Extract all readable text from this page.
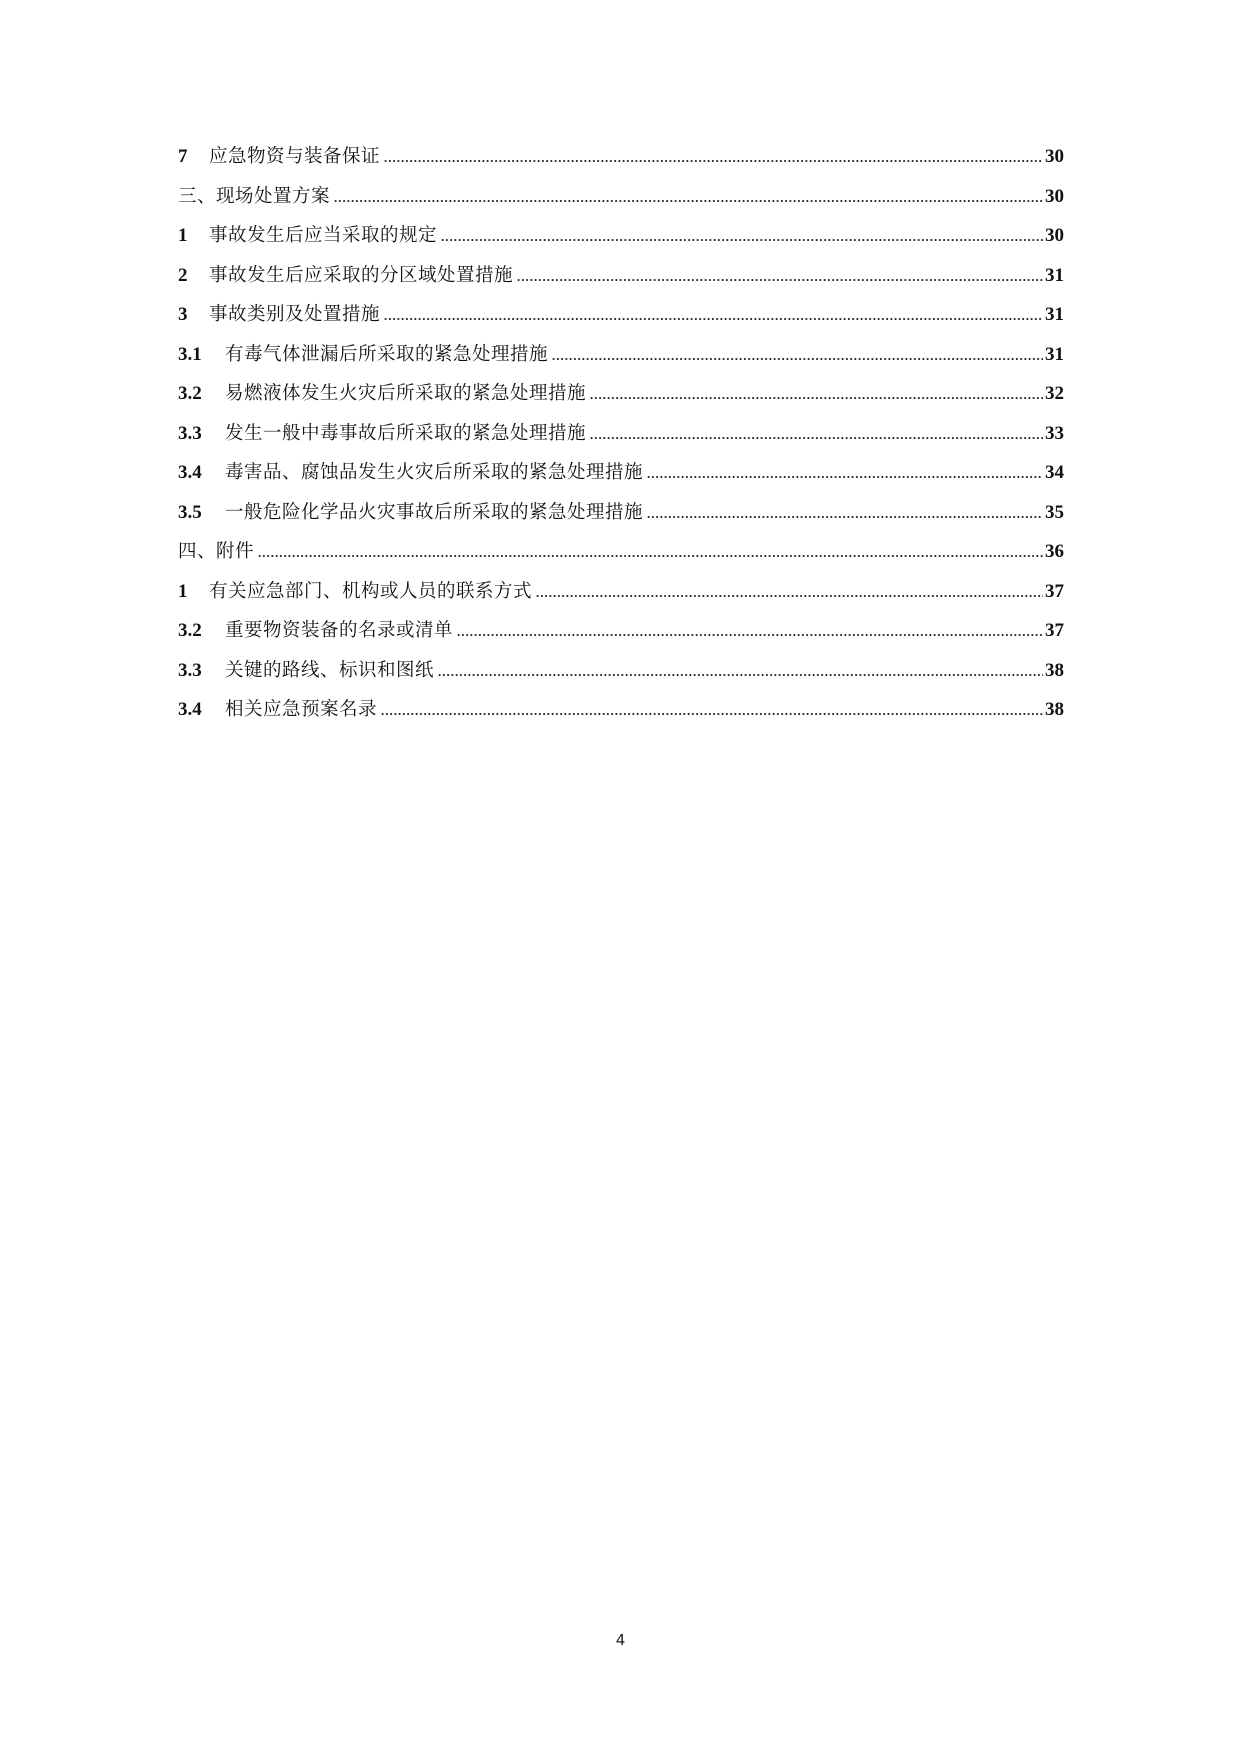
7	应急物资与装备保证 .....	30
三、现场处置方案 .....	30
1	事故发生后应当采取的规定 .....	30
2	事故发生后应采取的分区域处置措施 .....	31
3	事故类别及处置措施 .....	31
3.1	有毒气体泄漏后所采取的紧急处理措施 .....	31
3.2	易燃液体发生火灾后所采取的紧急处理措施 .....	32
3.3	发生一般中毒事故后所采取的紧急处理措施 .....	33
3.4	毒害品、腐蚀品发生火灾后所采取的紧急处理措施 .....	34
3.5	一般危险化学品火灾事故后所采取的紧急处理措施 .....	35
四、附件 .....	36
1	有关应急部门、机构或人员的联系方式 .....	37
3.2	重要物资装备的名录或清单 .....	37
3.3	关键的路线、标识和图纸 .....	38
3.4	相关应急预案名录 .....	38
4
